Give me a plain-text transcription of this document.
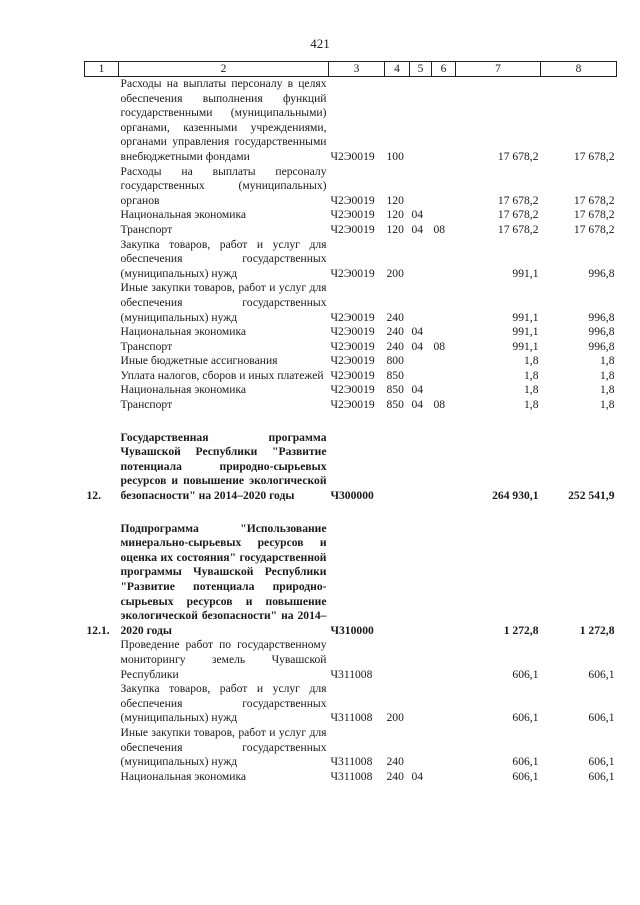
421
1	2	3	4	5	6	7	8
	Расходы на выплаты персоналу в целях обеспечения выполнения функций государственными (муниципальными) органами, казенными учреждениями, органами управления государственными внебюджетными фондами	Ч2Э0019	100			17 678,2	17 678,2
	Расходы на выплаты персоналу государственных (муниципальных) органов	Ч2Э0019	120			17 678,2	17 678,2
	Национальная экономика	Ч2Э0019	120	04		17 678,2	17 678,2
	Транспорт	Ч2Э0019	120	04	08	17 678,2	17 678,2
	Закупка товаров, работ и услуг для обеспечения государственных (муниципальных) нужд	Ч2Э0019	200			991,1	996,8
	Иные закупки товаров, работ и услуг для обеспечения государственных (муниципальных) нужд	Ч2Э0019	240			991,1	996,8
	Национальная экономика	Ч2Э0019	240	04		991,1	996,8
	Транспорт	Ч2Э0019	240	04	08	991,1	996,8
	Иные бюджетные ассигнования	Ч2Э0019	800			1,8	1,8
	Уплата налогов, сборов и иных платежей	Ч2Э0019	850			1,8	1,8
	Национальная экономика	Ч2Э0019	850	04		1,8	1,8
	Транспорт	Ч2Э0019	850	04	08	1,8	1,8

12.	Государственная программа Чувашской Республики "Развитие потенциала природно-сырьевых ресурсов и повышение экологической безопасности" на 2014–2020 годы	Ч300000				264 930,1	252 541,9

12.1.	Подпрограмма "Использование минерально-сырьевых ресурсов и оценка их состояния" государственной программы Чувашской Республики "Развитие потенциала природно-сырьевых ресурсов и повышение экологической безопасности" на 2014–2020 годы	Ч310000				1 272,8	1 272,8
	Проведение работ по государственному мониторингу земель Чувашской Республики	Ч311008				606,1	606,1
	Закупка товаров, работ и услуг для обеспечения государственных (муниципальных) нужд	Ч311008	200			606,1	606,1
	Иные закупки товаров, работ и услуг для обеспечения государственных (муниципальных) нужд	Ч311008	240			606,1	606,1
	Национальная экономика	Ч311008	240	04		606,1	606,1
